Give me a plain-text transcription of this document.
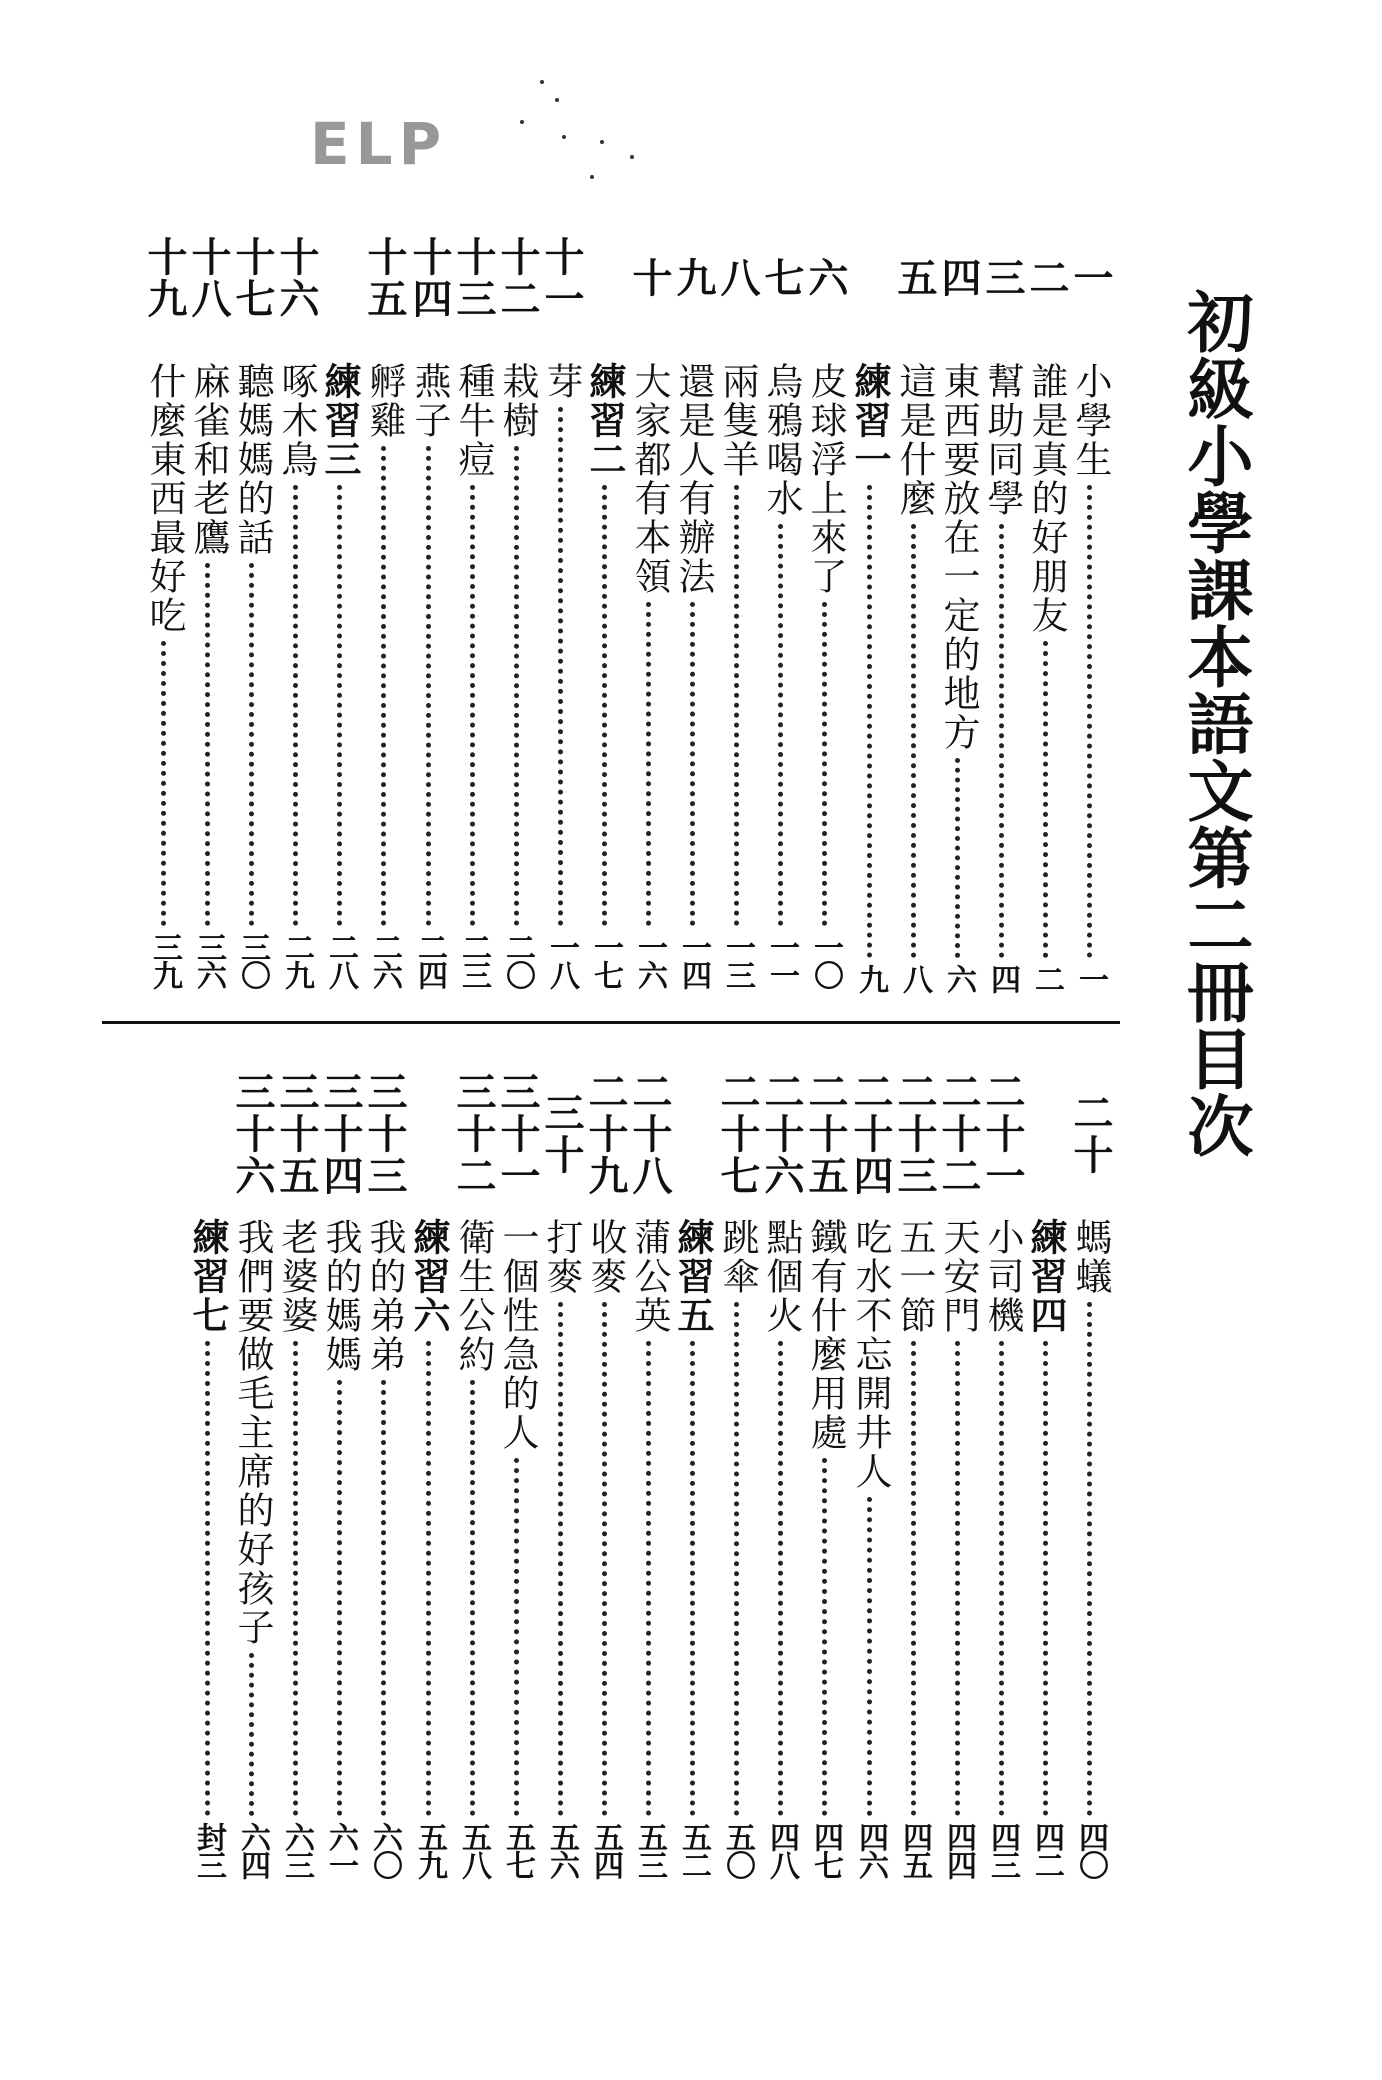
ELP
初級小學課本語文第二冊目次
一
小學生
一
二
誰是真的好朋友
二
三
幫助同學
四
四
東西要放在一定的地方
六
五
這是什麼
八
練習一
九
六
皮球浮上來了
一〇
七
烏鴉喝水
一一
八
兩隻羊
一三
九
還是人有辦法
一四
十
大家都有本領
一六
練習二
一七
十一
芽
一八
十二
栽樹
二〇
十三
種牛痘
二三
十四
燕子
二四
十五
孵雞
二六
練習三
二八
十六
啄木鳥
二九
十七
聽媽媽的話
三〇
十八
麻雀和老鷹
三六
十九
什麼東西最好吃
三九
二十
螞蟻
四〇
練習四
四二
二十一
小司機
四三
二十二
天安門
四四
二十三
五一節
四五
二十四
吃水不忘開井人
四六
二十五
鐵有什麼用處
四七
二十六
點個火
四八
二十七
跳傘
五〇
練習五
五二
二十八
蒲公英
五三
二十九
收麥
五四
三十
打麥
五六
三十一
一個性急的人
五七
三十二
衛生公約
五八
練習六
五九
三十三
我的弟弟
六〇
三十四
我的媽媽
六一
三十五
老婆婆
六三
三十六
我們要做毛主席的好孩子
六四
練習七
封三
